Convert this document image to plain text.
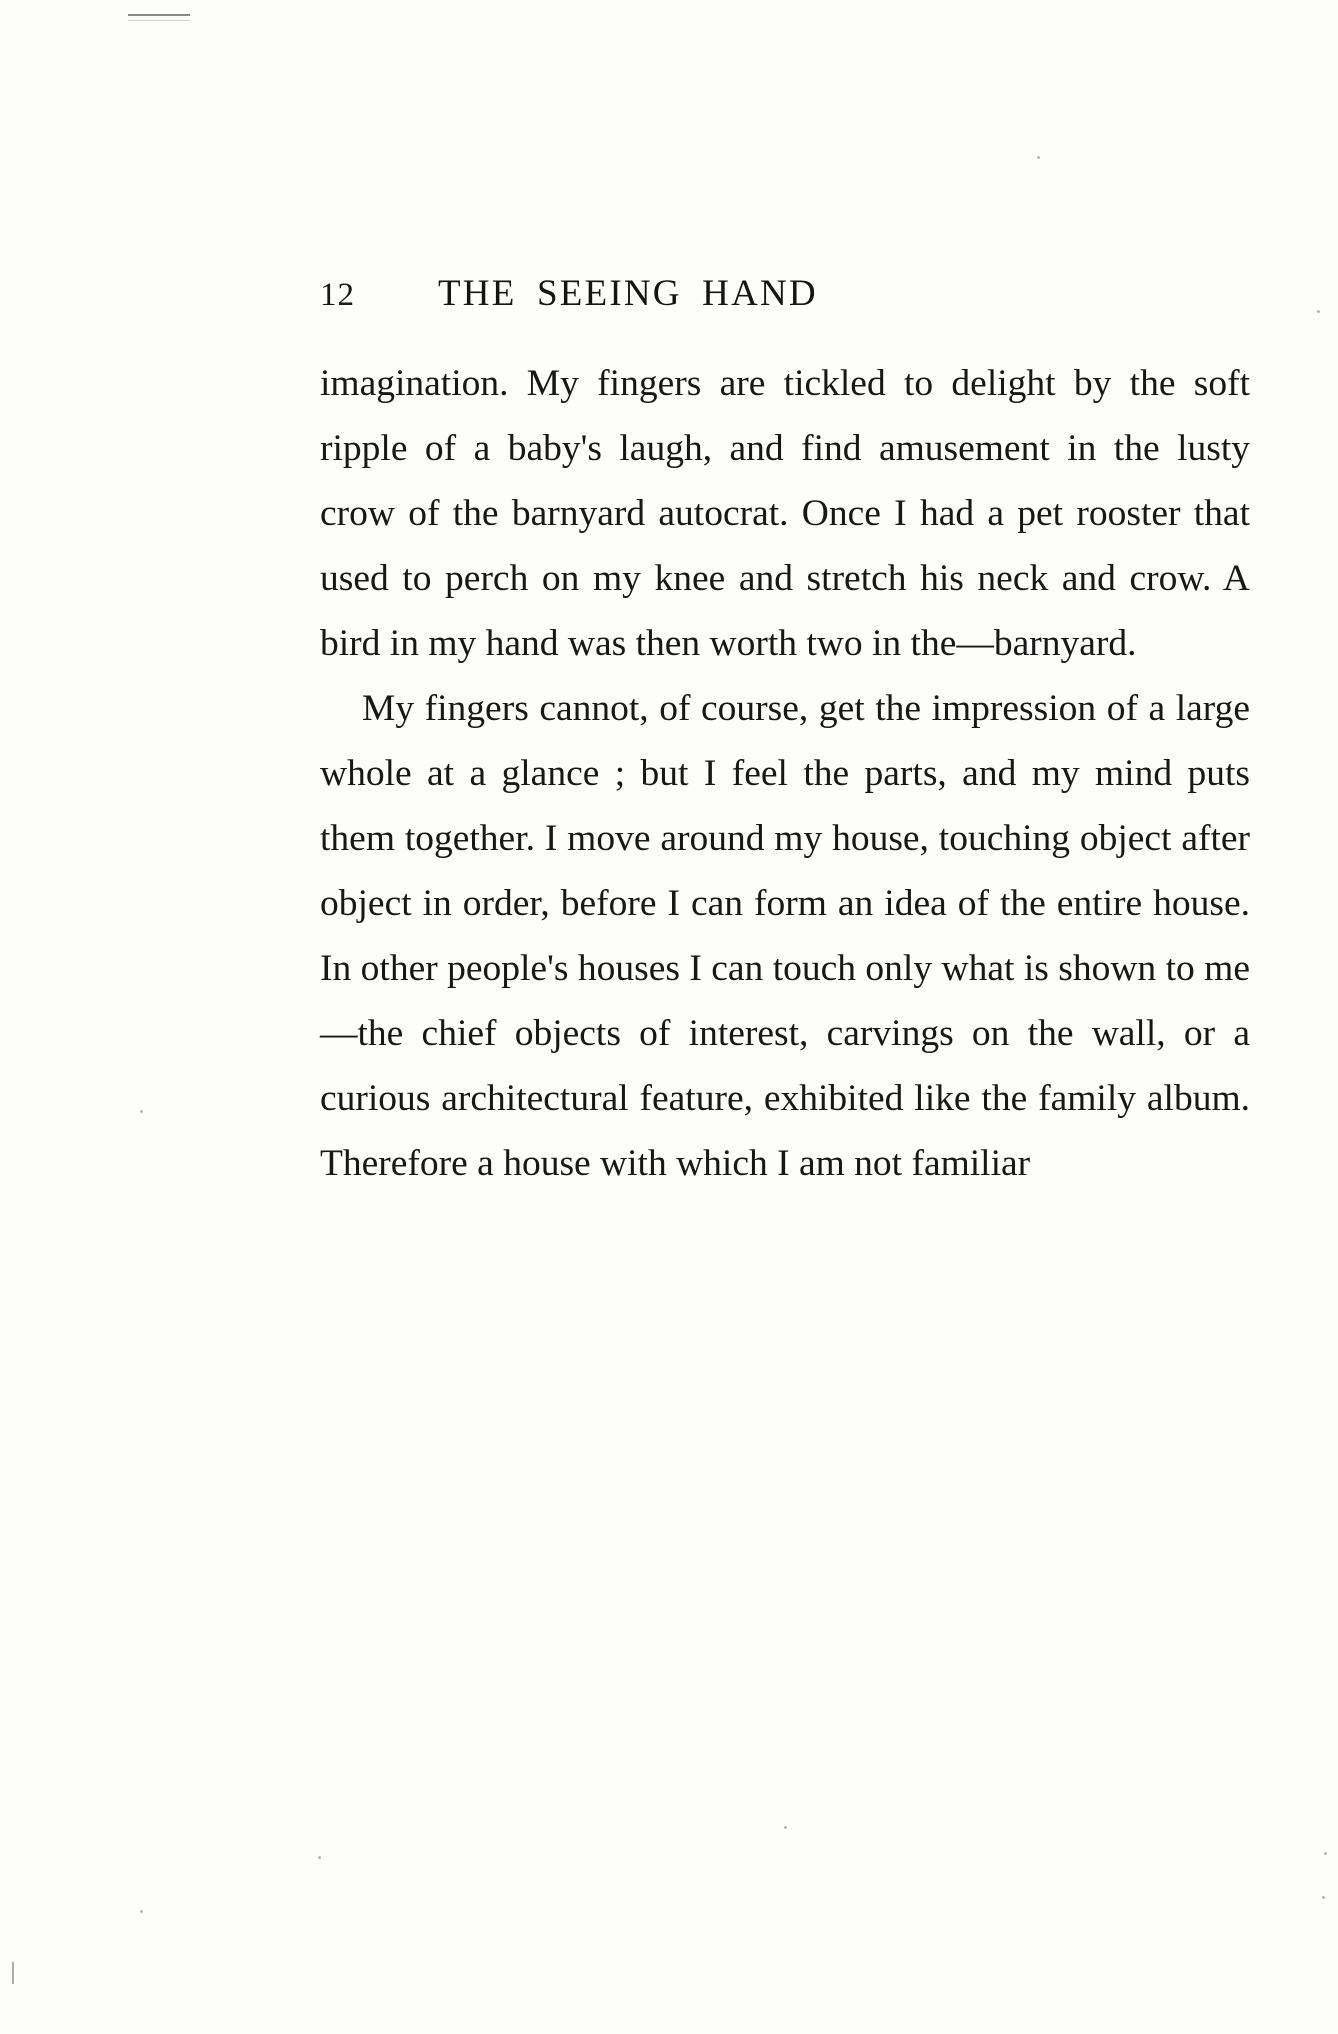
12	THE SEEING HAND

imagination. My fingers are tickled to delight by the soft ripple of a baby's laugh, and find amusement in the lusty crow of the barnyard autocrat. Once I had a pet rooster that used to perch on my knee and stretch his neck and crow. A bird in my hand was then worth two in the—barnyard.

My fingers cannot, of course, get the impression of a large whole at a glance ; but I feel the parts, and my mind puts them together. I move around my house, touching object after object in order, before I can form an idea of the entire house. In other people's houses I can touch only what is shown to me—the chief objects of interest, carvings on the wall, or a curious architectural feature, exhibited like the family album. Therefore a house with which I am not familiar
